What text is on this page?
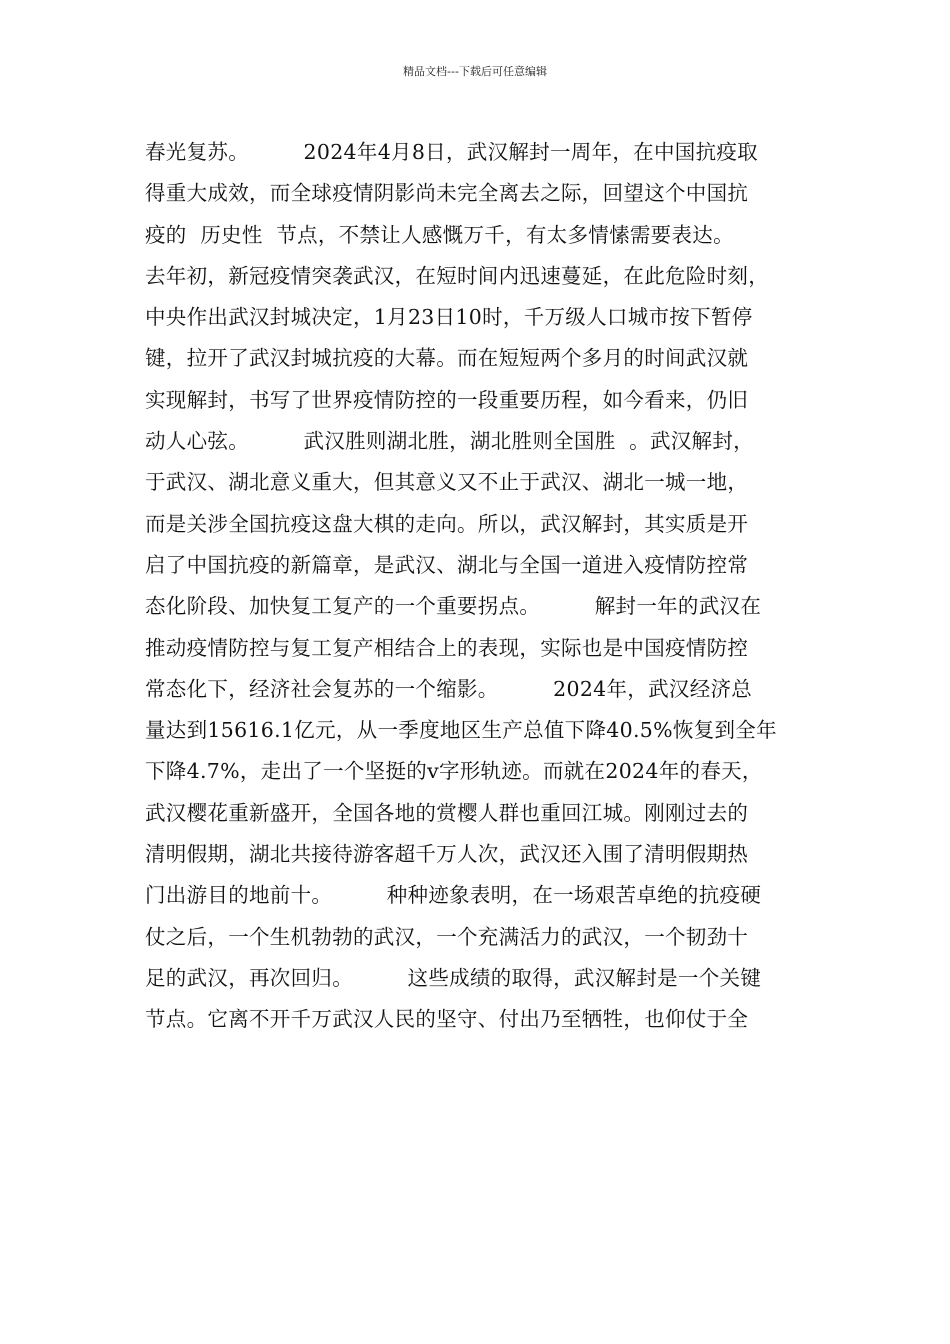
精品文档---下载后可任意编辑
春光复苏。        2024年4月8日，武汉解封一周年，在中国抗疫取
得重大成效，而全球疫情阴影尚未完全离去之际，回望这个中国抗
疫的  历史性  节点，不禁让人感慨万千，有太多情愫需要表达。
去年初，新冠疫情突袭武汉，在短时间内迅速蔓延，在此危险时刻，
中央作出武汉封城决定，1月23日10时，千万级人口城市按下暂停
键，拉开了武汉封城抗疫的大幕。而在短短两个多月的时间武汉就
实现解封，书写了世界疫情防控的一段重要历程，如今看来，仍旧
动人心弦。        武汉胜则湖北胜，湖北胜则全国胜  。武汉解封，
于武汉、湖北意义重大，但其意义又不止于武汉、湖北一城一地，
而是关涉全国抗疫这盘大棋的走向。所以，武汉解封，其实质是开
启了中国抗疫的新篇章，是武汉、湖北与全国一道进入疫情防控常
态化阶段、加快复工复产的一个重要拐点。        解封一年的武汉在
推动疫情防控与复工复产相结合上的表现，实际也是中国疫情防控
常态化下，经济社会复苏的一个缩影。        2024年，武汉经济总
量达到15616.1亿元，从一季度地区生产总值下降40.5%恢复到全年
下降4.7%，走出了一个坚挺的v字形轨迹。而就在2024年的春天，
武汉樱花重新盛开，全国各地的赏樱人群也重回江城。刚刚过去的
清明假期，湖北共接待游客超千万人次，武汉还入围了清明假期热
门出游目的地前十。        种种迹象表明，在一场艰苦卓绝的抗疫硬
仗之后，一个生机勃勃的武汉，一个充满活力的武汉，一个韧劲十
足的武汉，再次回归。        这些成绩的取得，武汉解封是一个关键
节点。它离不开千万武汉人民的坚守、付出乃至牺牲，也仰仗于全
